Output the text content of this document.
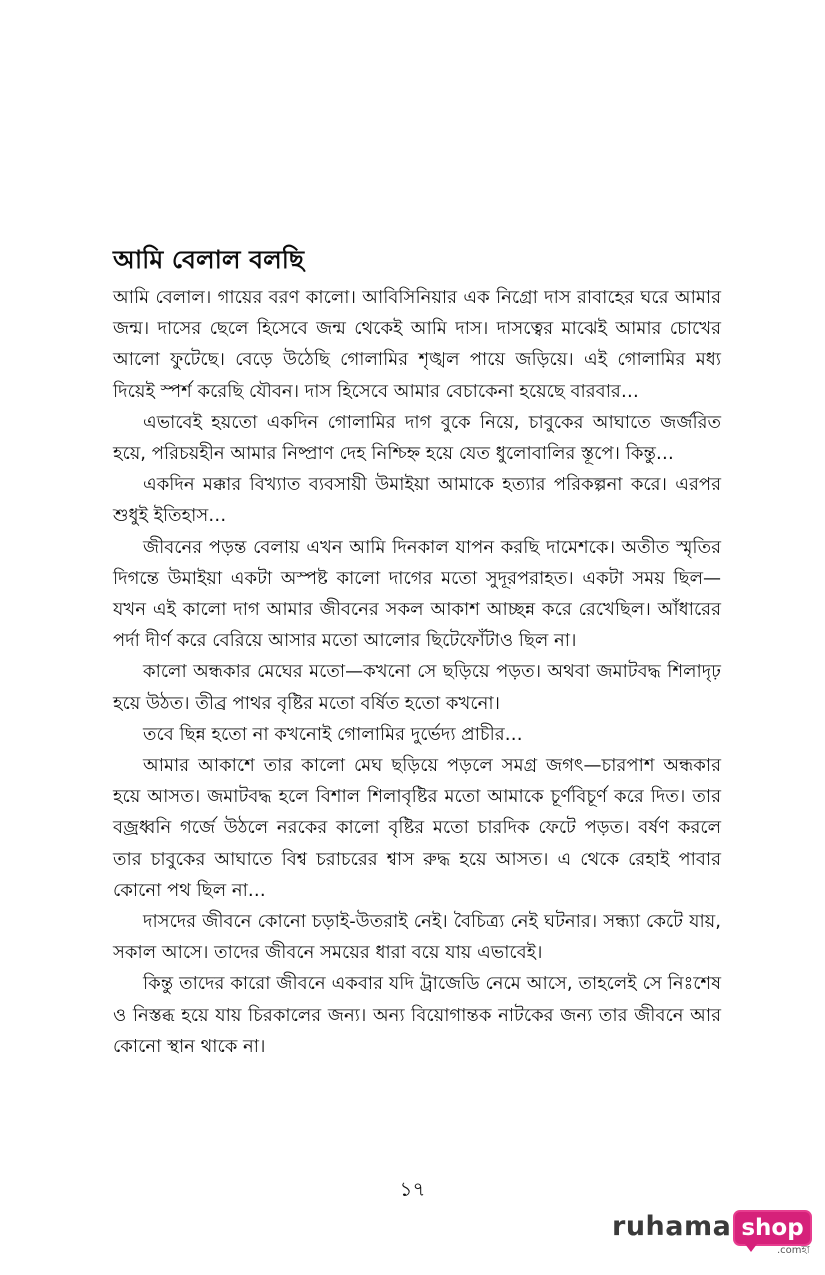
আমি বেলাল বলছি

আমি বেলাল। গায়ের বরণ কালো। আবিসিনিয়ার এক নিগ্রো দাস রাবাহের ঘরে আমার জন্ম। দাসের ছেলে হিসেবে জন্ম থেকেই আমি দাস। দাসত্বের মাঝেই আমার চোখের আলো ফুটেছে। বেড়ে উঠেছি গোলামির শৃঙ্খল পায়ে জড়িয়ে। এই গোলামির মধ্য দিয়েই স্পর্শ করেছি যৌবন। দাস হিসেবে আমার বেচাকেনা হয়েছে বারবার…

এভাবেই হয়তো একদিন গোলামির দাগ বুকে নিয়ে, চাবুকের আঘাতে জর্জরিত হয়ে, পরিচয়হীন আমার নিষ্প্রাণ দেহ নিশ্চিহ্ন হয়ে যেত ধুলোবালির স্তূপে। কিন্তু…

একদিন মক্কার বিখ্যাত ব্যবসায়ী উমাইয়া আমাকে হত্যার পরিকল্পনা করে। এরপর শুধুই ইতিহাস…

জীবনের পড়ন্ত বেলায় এখন আমি দিনকাল যাপন করছি দামেশকে। অতীত স্মৃতির দিগন্তে উমাইয়া একটা অস্পষ্ট কালো দাগের মতো সুদূরপরাহত। একটা সময় ছিল—যখন এই কালো দাগ আমার জীবনের সকল আকাশ আচ্ছন্ন করে রেখেছিল। আঁধারের পর্দা দীর্ণ করে বেরিয়ে আসার মতো আলোর ছিটেফোঁটাও ছিল না।

কালো অন্ধকার মেঘের মতো—কখনো সে ছড়িয়ে পড়ত। অথবা জমাটবদ্ধ শিলাদৃঢ় হয়ে উঠত। তীব্র পাথর বৃষ্টির মতো বর্ষিত হতো কখনো।

তবে ছিন্ন হতো না কখনোই গোলামির দুর্ভেদ্য প্রাচীর…

আমার আকাশে তার কালো মেঘ ছড়িয়ে পড়লে সমগ্র জগৎ—চারপাশ অন্ধকার হয়ে আসত। জমাটবদ্ধ হলে বিশাল শিলাবৃষ্টির মতো আমাকে চূর্ণবিচূর্ণ করে দিত। তার বজ্রধ্বনি গর্জে উঠলে নরকের কালো বৃষ্টির মতো চারদিক ফেটে পড়ত। বর্ষণ করলে তার চাবুকের আঘাতে বিশ্ব চরাচরের শ্বাস রুদ্ধ হয়ে আসত। এ থেকে রেহাই পাবার কোনো পথ ছিল না…

দাসদের জীবনে কোনো চড়াই-উতরাই নেই। বৈচিত্র্য নেই ঘটনার। সন্ধ্যা কেটে যায়, সকাল আসে। তাদের জীবনে সময়ের ধারা বয়ে যায় এভাবেই।

কিন্তু তাদের কারো জীবনে একবার যদি ট্রাজেডি নেমে আসে, তাহলেই সে নিঃশেষ ও নিস্তব্ধ হয়ে যায় চিরকালের জন্য। অন্য বিয়োগান্তক নাটকের জন্য তার জীবনে আর কোনো স্থান থাকে না।

১৭
ruhama shop
.comহা
